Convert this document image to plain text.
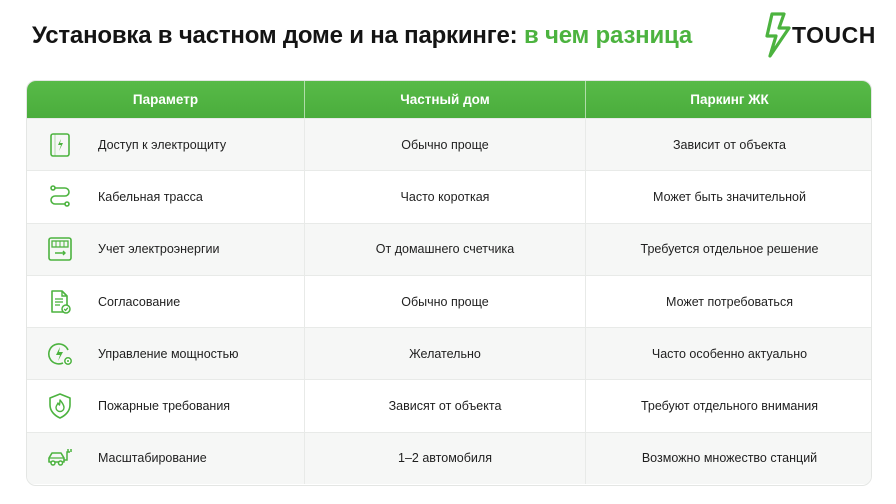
Установка в частном доме и на паркинге: в чем разница	TOUCH
Параметр	Частный дом	Паркинг ЖК
Доступ к электрощиту	Обычно проще	Зависит от объекта
Кабельная трасса	Часто короткая	Может быть значительной
Учет электроэнергии	От домашнего счетчика	Требуется отдельное решение
Согласование	Обычно проще	Может потребоваться
Управление мощностью	Желательно	Часто особенно актуально
Пожарные требования	Зависят от объекта	Требуют отдельного внимания
Масштабирование	1–2 автомобиля	Возможно множество станций
